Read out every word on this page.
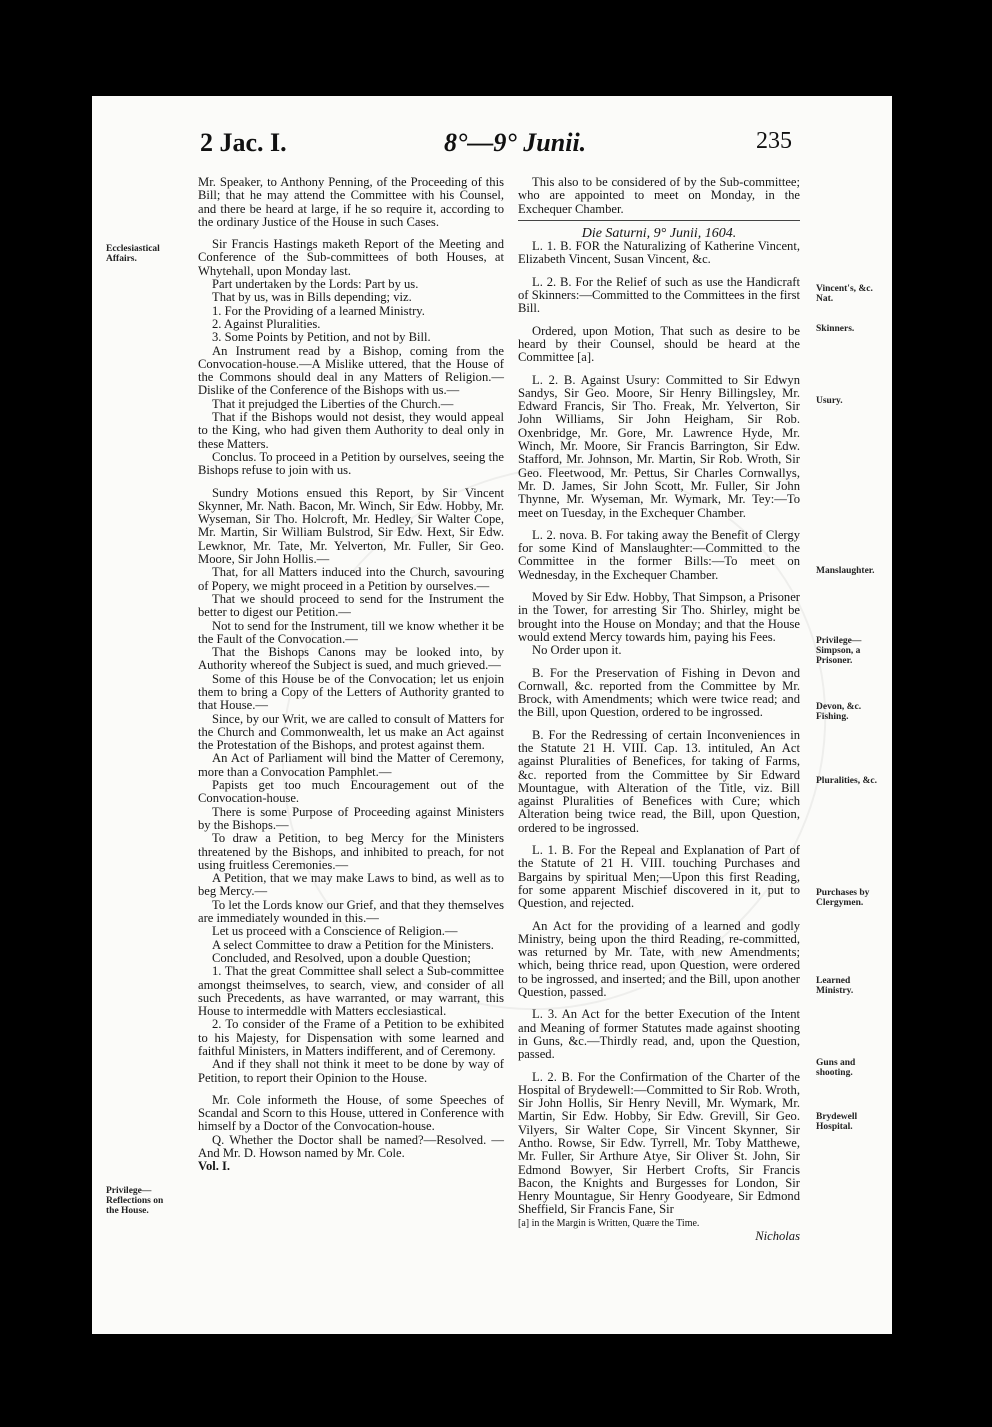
2 Jac. I.	8°—9° Junii.	235
Ecclesiastical Affairs.
Privilege—Reflections on the House.

Mr. Speaker, to Anthony Penning, of the Proceeding of this Bill; that he may attend the Committee with his Counsel, and there be heard at large, if he so require it, according to the ordinary Justice of the House in such Cases.

Sir Francis Hastings maketh Report of the Meeting and Conference of the Sub-committees of both Houses, at Whytehall, upon Monday last.

Part undertaken by the Lords: Part by us.

That by us, was in Bills depending; viz.

1. For the Providing of a learned Ministry.

2. Against Pluralities.

3. Some Points by Petition, and not by Bill.

An Instrument read by a Bishop, coming from the Convocation-house.—A Mislike uttered, that the House of the Commons should deal in any Matters of Religion.—Dislike of the Conference of the Bishops with us.—

That it prejudged the Liberties of the Church.—

That if the Bishops would not desist, they would appeal to the King, who had given them Authority to deal only in these Matters.

Conclus. To proceed in a Petition by ourselves, seeing the Bishops refuse to join with us.

Sundry Motions ensued this Report, by Sir Vincent Skynner, Mr. Nath. Bacon, Mr. Winch, Sir Edw. Hobby, Mr. Wyseman, Sir Tho. Holcroft, Mr. Hedley, Sir Walter Cope, Mr. Martin, Sir William Bulstrod, Sir Edw. Hext, Sir Edw. Lewknor, Mr. Tate, Mr. Yelverton, Mr. Fuller, Sir Geo. Moore, Sir John Hollis.—

That, for all Matters induced into the Church, savouring of Popery, we might proceed in a Petition by ourselves.—

That we should proceed to send for the Instrument the better to digest our Petition.—

Not to send for the Instrument, till we know whether it be the Fault of the Convocation.—

That the Bishops Canons may be looked into, by Authority whereof the Subject is sued, and much grieved.—

Some of this House be of the Convocation; let us enjoin them to bring a Copy of the Letters of Authority granted to that House.—

Since, by our Writ, we are called to consult of Matters for the Church and Commonwealth, let us make an Act against the Protestation of the Bishops, and protest against them.

An Act of Parliament will bind the Matter of Ceremony, more than a Convocation Pamphlet.—

Papists get too much Encouragement out of the Convocation-house.

There is some Purpose of Proceeding against Ministers by the Bishops.—

To draw a Petition, to beg Mercy for the Ministers threatened by the Bishops, and inhibited to preach, for not using fruitless Ceremonies.—

A Petition, that we may make Laws to bind, as well as to beg Mercy.—

To let the Lords know our Grief, and that they themselves are immediately wounded in this.—

Let us proceed with a Conscience of Religion.—

A select Committee to draw a Petition for the Ministers.

Concluded, and Resolved, upon a double Question;

1. That the great Committee shall select a Sub-committee amongst theimselves, to search, view, and consider of all such Precedents, as have warranted, or may warrant, this House to intermeddle with Matters ecclesiastical.

2. To consider of the Frame of a Petition to be exhibited to his Majesty, for Dispensation with some learned and faithful Ministers, in Matters indifferent, and of Ceremony.

And if they shall not think it meet to be done by way of Petition, to report their Opinion to the House.

Mr. Cole informeth the House, of some Speeches of Scandal and Scorn to this House, uttered in Conference with himself by a Doctor of the Convocation-house.

Q. Whether the Doctor shall be named?—Resolved. —And Mr. D. Howson named by Mr. Cole.

Vol. I.

This also to be considered of by the Sub-committee; who are appointed to meet on Monday, in the Exchequer Chamber.

Die Saturni, 9° Junii, 1604.

L. 1. B. FOR the Naturalizing of Katherine Vincent, Elizabeth Vincent, Susan Vincent, &c.

L. 2. B. For the Relief of such as use the Handicraft of Skinners:—Committed to the Committees in the first Bill.

Ordered, upon Motion, That such as desire to be heard by their Counsel, should be heard at the Committee [a].

L. 2. B. Against Usury: Committed to Sir Edwyn Sandys, Sir Geo. Moore, Sir Henry Billingsley, Mr. Edward Francis, Sir Tho. Freak, Mr. Yelverton, Sir John Williams, Sir John Heigham, Sir Rob. Oxenbridge, Mr. Gore, Mr. Lawrence Hyde, Mr. Winch, Mr. Moore, Sir Francis Barrington, Sir Edw. Stafford, Mr. Johnson, Mr. Martin, Sir Rob. Wroth, Sir Geo. Fleetwood, Mr. Pettus, Sir Charles Cornwallys, Mr. D. James, Sir John Scott, Mr. Fuller, Sir John Thynne, Mr. Wyseman, Mr. Wymark, Mr. Tey:—To meet on Tuesday, in the Exchequer Chamber.

L. 2. nova. B. For taking away the Benefit of Clergy for some Kind of Manslaughter:—Committed to the Committee in the former Bills:—To meet on Wednesday, in the Exchequer Chamber.

Moved by Sir Edw. Hobby, That Simpson, a Prisoner in the Tower, for arresting Sir Tho. Shirley, might be brought into the House on Monday; and that the House would extend Mercy towards him, paying his Fees.

No Order upon it.

B. For the Preservation of Fishing in Devon and Cornwall, &c. reported from the Committee by Mr. Brock, with Amendments; which were twice read; and the Bill, upon Question, ordered to be ingrossed.

B. For the Redressing of certain Inconveniences in the Statute 21 H. VIII. Cap. 13. intituled, An Act against Pluralities of Benefices, for taking of Farms, &c. reported from the Committee by Sir Edward Mountague, with Alteration of the Title, viz. Bill against Pluralities of Benefices with Cure; which Alteration being twice read, the Bill, upon Question, ordered to be ingrossed.

L. 1. B. For the Repeal and Explanation of Part of the Statute of 21 H. VIII. touching Purchases and Bargains by spiritual Men;—Upon this first Reading, for some apparent Mischief discovered in it, put to Question, and rejected.

An Act for the providing of a learned and godly Ministry, being upon the third Reading, re-committed, was returned by Mr. Tate, with new Amendments; which, being thrice read, upon Question, were ordered to be ingrossed, and inserted; and the Bill, upon another Question, passed.

L. 3. An Act for the better Execution of the Intent and Meaning of former Statutes made against shooting in Guns, &c.—Thirdly read, and, upon the Question, passed.

L. 2. B. For the Confirmation of the Charter of the Hospital of Brydewell:—Committed to Sir Rob. Wroth, Sir John Hollis, Sir Henry Nevill, Mr. Wymark, Mr. Martin, Sir Edw. Hobby, Sir Edw. Grevill, Sir Geo. Vilyers, Sir Walter Cope, Sir Vincent Skynner, Sir Antho. Rowse, Sir Edw. Tyrrell, Mr. Toby Matthewe, Mr. Fuller, Sir Arthure Atye, Sir Oliver St. John, Sir Edmond Bowyer, Sir Herbert Crofts, Sir Francis Bacon, the Knights and Burgesses for London, Sir Henry Mountague, Sir Henry Goodyeare, Sir Edmond Sheffield, Sir Francis Fane, Sir

[a] in the Margin is Written, Quære the Time.

Nicholas

Vincent's, &c. Nat.
Skinners.
Usury.
Manslaughter.
Privilege—Simpson, a Prisoner.
Devon, &c. Fishing.
Pluralities, &c.
Purchases by Clergymen.
Learned Ministry.
Guns and shooting.
Brydewell Hospital.
